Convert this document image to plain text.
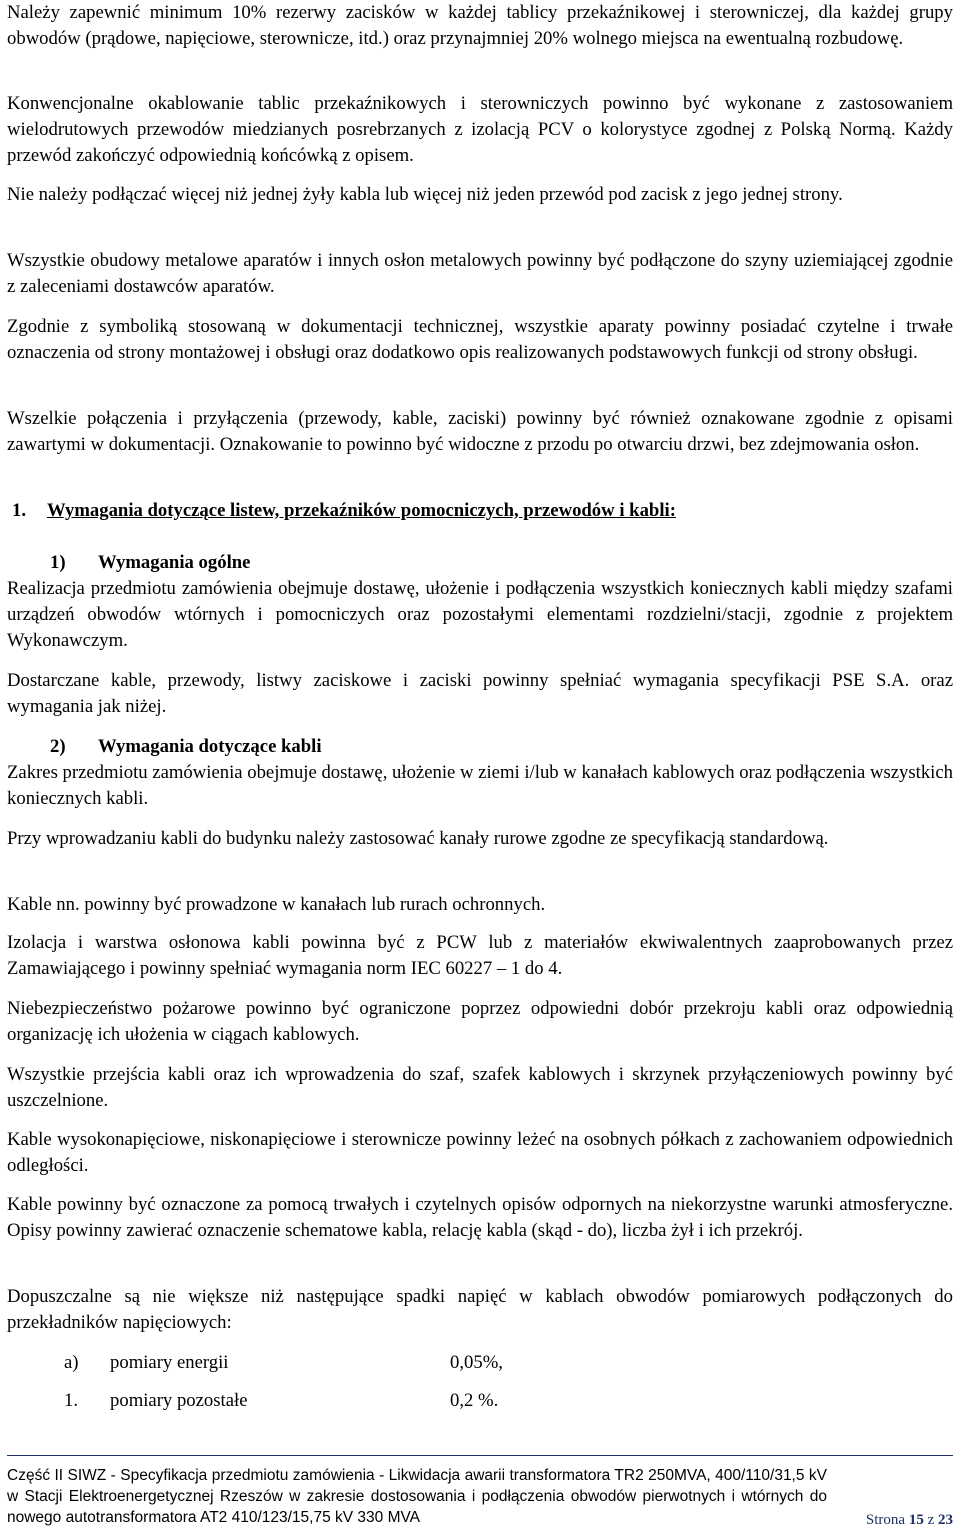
Należy zapewnić minimum 10% rezerwy zacisków w każdej tablicy przekaźnikowej i sterowniczej, dla każdej grupy obwodów (prądowe, napięciowe, sterownicze, itd.) oraz przynajmniej 20% wolnego miejsca na ewentualną rozbudowę.

Konwencjonalne okablowanie tablic przekaźnikowych i sterowniczych powinno być wykonane z zastosowaniem wielodrutowych przewodów miedzianych posrebrzanych z izolacją PCV o kolorystyce zgodnej z Polską Normą. Każdy przewód zakończyć odpowiednią końcówką z opisem.

Nie należy podłączać więcej niż jednej żyły kabla lub więcej niż jeden przewód pod zacisk z jego jednej strony.

Wszystkie obudowy metalowe aparatów i innych osłon metalowych powinny być podłączone do szyny uziemiającej zgodnie z zaleceniami dostawców aparatów.

Zgodnie z symboliką stosowaną w dokumentacji technicznej, wszystkie aparaty powinny posiadać czytelne i trwałe oznaczenia od strony montażowej i obsługi oraz dodatkowo opis realizowanych podstawowych funkcji od strony obsługi.

Wszelkie połączenia i przyłączenia (przewody, kable, zaciski) powinny być również oznakowane zgodnie z opisami zawartymi w dokumentacji. Oznakowanie to powinno być widoczne z przodu po otwarciu drzwi, bez zdejmowania osłon.

1. Wymagania dotyczące listew, przekaźników pomocniczych, przewodów i kabli:
1) Wymagania ogólne

Realizacja przedmiotu zamówienia obejmuje dostawę, ułożenie i podłączenia wszystkich koniecznych kabli między szafami urządzeń obwodów wtórnych i pomocniczych oraz pozostałymi elementami rozdzielni/stacji, zgodnie z projektem Wykonawczym.

Dostarczane kable, przewody, listwy zaciskowe i zaciski powinny spełniać wymagania specyfikacji PSE S.A. oraz wymagania jak niżej.

2) Wymagania dotyczące kabli

Zakres przedmiotu zamówienia obejmuje dostawę, ułożenie w ziemi i/lub w kanałach kablowych oraz podłączenia wszystkich koniecznych kabli.

Przy wprowadzaniu kabli do budynku należy zastosować kanały rurowe zgodne ze specyfikacją standardową.

Kable nn. powinny być prowadzone w kanałach lub rurach ochronnych.

Izolacja i warstwa osłonowa kabli powinna być z PCW lub z materiałów ekwiwalentnych zaaprobowanych przez Zamawiającego i powinny spełniać wymagania norm IEC 60227 – 1 do 4.

Niebezpieczeństwo pożarowe powinno być ograniczone poprzez odpowiedni dobór przekroju kabli oraz odpowiednią organizację ich ułożenia w ciągach kablowych.

Wszystkie przejścia kabli oraz ich wprowadzenia do szaf, szafek kablowych i skrzynek przyłączeniowych powinny być uszczelnione.

Kable wysokonapięciowe, niskonapięciowe i sterownicze powinny leżeć na osobnych półkach z zachowaniem odpowiednich odległości.

Kable powinny być oznaczone za pomocą trwałych i czytelnych opisów odpornych na niekorzystne warunki atmosferyczne. Opisy powinny zawierać oznaczenie schematowe kabla, relację kabla (skąd - do), liczba żył i ich przekrój.

Dopuszczalne są nie większe niż następujące spadki napięć w kablach obwodów pomiarowych podłączonych do przekładników napięciowych:

a) pomiary energii	0,05%,
1. pomiary pozostałe	0,2 %.

Część II SIWZ - Specyfikacja przedmiotu zamówienia - Likwidacja awarii transformatora TR2 250MVA, 400/110/31,5 kV w Stacji Elektroenergetycznej Rzeszów w zakresie dostosowania i podłączenia obwodów pierwotnych i wtórnych do nowego autotransformatora AT2 410/123/15,75 kV 330 MVA	Strona 15 z 23
